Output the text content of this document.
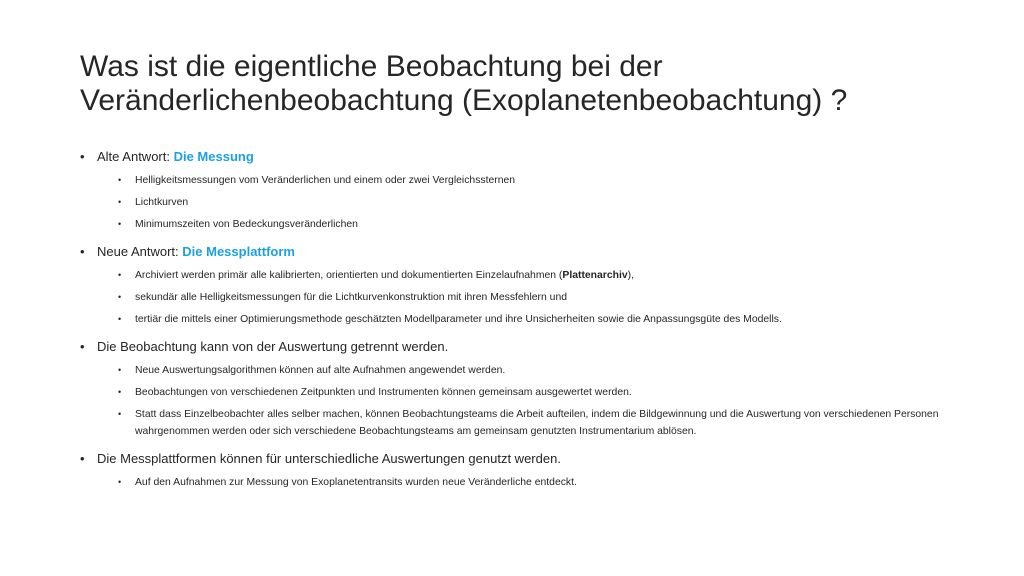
Was ist die eigentliche Beobachtung bei der
Veränderlichenbeobachtung (Exoplanetenbeobachtung) ?
• Alte Antwort: Die Messung
• Helligkeitsmessungen vom Veränderlichen und einem oder zwei Vergleichssternen
• Lichtkurven
• Minimumszeiten von Bedeckungsveränderlichen
• Neue Antwort: Die Messplattform
• Archiviert werden primär alle kalibrierten, orientierten und dokumentierten Einzelaufnahmen (Plattenarchiv),
• sekundär alle Helligkeitsmessungen für die Lichtkurvenkonstruktion mit ihren Messfehlern und
• tertiär die mittels einer Optimierungsmethode geschätzten Modellparameter und ihre Unsicherheiten sowie die Anpassungsgüte des Modells.
• Die Beobachtung kann von der Auswertung getrennt werden.
• Neue Auswertungsalgorithmen können auf alte Aufnahmen angewendet werden.
• Beobachtungen von verschiedenen Zeitpunkten und Instrumenten können gemeinsam ausgewertet werden.
• Statt dass Einzelbeobachter alles selber machen, können Beobachtungsteams die Arbeit aufteilen, indem die Bildgewinnung und die Auswertung von verschiedenen Personen wahrgenommen werden oder sich verschiedene Beobachtungsteams am gemeinsam genutzten Instrumentarium ablösen.
• Die Messplattformen können für unterschiedliche Auswertungen genutzt werden.
• Auf den Aufnahmen zur Messung von Exoplanetentransits wurden neue Veränderliche entdeckt.
